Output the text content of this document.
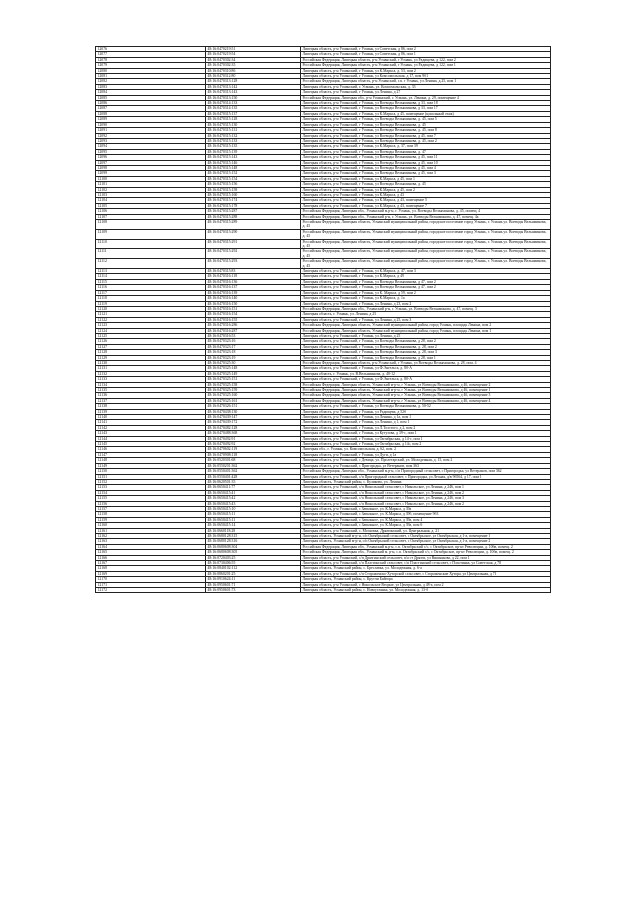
12076	48:16:0470219:51	Липецкая область, р-н Усманский, г Усмань, ул Советская, д 86, пом 2
12077	48:16:0470219:54	Липецкая область, р-н Усманский, г Усмань, ул Советская, д 86, пом 1
12078	48:16:0470302:34	Российская Федерация, Липецкая область, р-н Усманский, г Усмань, ул Радищева, д 122, пом 2
12079	48:16:0470302:35	Российская Федерация, Липецкая область, р-н Усманский, г Усмань, ул Радищева, д 122, пом 1
12080	48:16:0470310:86	Липецкая область, р-н Усманский, г Усмань, ул К.Маркса, д. 53, пом 2
12081	48:16:0470312:80	Липецкая область, р-н Усманский, г Усмань, ул Комсомольская, д 17, пом 9б1
12082	48:16:0470313:128	Российская Федерация, Липецкая область, р-н Усманский, г.п. г Усмань, ул Ленина, д.25, пом 1
12083	48:16:0470313:142	Липецкая область, р-н Усманский, г. Усмань, ул. Комсомольская, д. 33
12084	48:16:0470313:143	Липецкая область, р-н Усманский, г Усмань, ул Ленина, д 27
12085	48:16:0470313:150	Российская Федерация, Липецкая обл., р-н Усманский, г. Усмань, ул. Ленина, д. 29, помещение 4
12086	48:16:0470314:133	Липецкая область, р-н Усманский, г Усмань, ул Воеводы Вельяминова, д 33, пом 18
12087	48:16:0470314:135	Липецкая область, р-н Усманский, г Усмань, ул Воеводы Вельяминова, д 33, пом 17
12088	48:16:0470315:137	Липецкая область, р-н Усманский, г Усмань, ул К.Маркса, д 45, помещение (цокольный этаж)
12089	48:16:0470315:128	Липецкая область, р-н Усманский, г Усмань, ул Воеводы Вельяминова, д. 45, пом 5
12090	48:16:0470315:130	Липецкая область, р-н Усманский, г Усмань, ул Воеводы Вельяминова, д. 45
12091	48:16:0470315:131	Липецкая область, р-н Усманский, г Усмань, ул Воеводы Вельяминова, д. 45, пом 8
12092	48:16:0470315:132	Липецкая область, р-н Усманский, г Усмань, ул Воеводы Вельяминова, д 45, пом 7
12093	48:16:0470315:133	Липецкая область, р-н Усманский, г Усмань, ул Воеводы Вельяминова, д. 45, пом 2
12094	48:16:0470315:135	Липецкая область, р-н Усманский, г Усмань, ул К.Маркса, д. 37, пом 39
12095	48:16:0470315:139	Липецкая область, р-н Усманский, г Усмань, ул Воеводы Вельяминова, д. 47
12096	48:16:0470315:143	Липецкая область, р-н Усманский, г Усмань, ул Воеводы Вельяминова, д 45, пом 11
12097	48:16:0470315:146	Липецкая область, р-н Усманский, г Усмань, ул Воеводы Вельяминова, д 45, пом 10
12098	48:16:0470315:148	Липецкая область, р-н Усманский, г Усмань, ул Воеводы Вельяминова, д 45, пом 4
12099	48:16:0470315:152	Липецкая область, р-н Усманский, г Усмань, ул Воеводы Вельяминова, д 45, пом 3
12100	48:16:0470315:154	Липецкая область, р-н Усманский, г Усмань, ул К.Маркса, д 45, пом 1
12101	48:16:0470315:156	Липецкая область, р-н Усманский, г Усмань, ул Воеводы Вельяминова, д. 45
12102	48:16:0470315:158	Липецкая область, р-н Усманский, г Усмань, ул К.Маркса, д 45, пом 2
12103	48:16:0470315:160	Липецкая область, р-н Усманский, г Усмань, ул К.Маркса, д 43
12104	48:16:0470315:174	Липецкая область, р-н Усманский, г Усмань, ул К.Маркса, д 43, помещение 5
12105	48:16:0470315:178	Липецкая область, р-н Усманский, г Усмань, ул К.Маркса, д 43, помещение 7
12106	48:16:0470315:287	Российская Федерация, Липецкая обл., Усманский м.р-н, г. Усмань, ул. Воеводы Вельяминова, д. 45, помещ. 4
12107	48:16:0470315:288	Российская Федерация, Липецкая обл., Усманский р-н, г. Усмань, ул. Воеводы Вельяминова, д. 47, помещ. 4а
12108	48:16:0470315:289	Российская Федерация, Липецкая область, Усманский муниципальный район, городское поселение город Усмань, г. Усмань ул. Воеводы Вельяминова, д. 45
12109	48:16:0470315:290	Российская Федерация, Липецкая область, Усманский муниципальный район, городское поселение город Усмань, г. Усмань ул. Воеводы Вельяминова, д. 45
12110	48:16:0470315:291	Российская Федерация, Липецкая область, Усманский муниципальный район, городское поселение город Усмань, г. Усмань ул. Воеводы Вельяминова, д. 45
12111	48:16:0470315:292	Российская Федерация, Липецкая область, Усманский муниципальный район, городское поселение город Усмань, г. Усмань ул. Воеводы Вельяминова, д. 45
12112	48:16:0470315:293	Российская Федерация, Липецкая область, Усманский муниципальный район, городское поселение город Усмань, г. Усмань ул. Воеводы Вельяминова, д. 45
12113	48:16:0470315:83	Липецкая область, р-н Усманский, г Усмань, ул К.Маркса, д. 47, пом 3
12114	48:16:0470316:118	Липецкая область, р-н Усманский, г Усмань, ул К.Маркса, д 49
12115	48:16:0470316:136	Липецкая область, р-н Усманский, г Усмань, ул Воеводы Вельяминова, д 47, пом 2
12116	48:16:0470316:137	Липецкая область, р-н Усманский, г Усмань, ул Воеводы Вельяминова, д 47, пом 2
12117	48:16:0470316:139	Липецкая область, р-н Усманский, г Усмань, ул К. Маркса, д 59, пом 2
12118	48:16:0470316:140	Липецкая область, р-н Усманский, г Усмань, ул К.Маркса, д. 1а
12119	48:16:0470316:150	Липецкая область, р-н Усманский, г Усмань, ул Ленина, д 23, пом 2
12120	48:16:0470316:151	Российская Федерация, Липецкая обл., Усманский р-н, г. Усмань, ул. Воеводы Вельяминова, д. 47, помещ. 3
12121	48:16:0470316:154	Липецкая область, г. Усмань, ул. Ленина, д 25
12122	48:16:0470316:155	Липецкая область, р-н Усманский, г Усмань, ул Ленина, д 25, пом 3
12123	48:16:0470316:286	Российская Федерация, Липецкая область, Усманский муниципальный район, город Усмань, площадь Ленина, пом 2
12124	48:16:0470316:287	Российская Федерация, Липецкая область, Усманский муниципальный район, город Усмань, площадь Ленина, пом 1
12125	48:16:0470316:53	Липецкая область, р-н Усманский, г Усмань, ул Ленина, д 25
12126	48:16:0470323:16	Липецкая область, р-н Усманский, г Усмань, ул Воеводы Вельяминова, д 28, пом 2
12127	48:16:0470323:17	Липецкая область, р-н Усманский, г Усмань, ул Воеводы Вельяминова, д. 28, пом 2
12128	48:16:0470323:18	Липецкая область, р-н Усманский, г Усмань, ул Воеводы Вельяминова, д. 28, пом 3
12129	48:16:0470323:19	Липецкая область, р-н Усманский, г Усмань, ул Воеводы Вельяминова, д 28, пом 1
12130	48:16:0470325:30	Российская Федерация, Липецкая область, р-н Усманский, г Усмань, ул Воеводы Вельяминова, д. 28, пом. 4
12131	48:16:0470325:148	Липецкая область, р-н Усманский, г Усмань, ул Ф.Энгельса, д. 80-А
12132	48:16:0470325:149	Липецкая область, г. Усмань, ул. В.Вельяминова, д. 40-12
12133	48:16:0470325:151	Липецкая область, р-н Усманский, г Усмань, ул Ф.Энгельса, д. 80-А
12134	48:16:0470325:158	Российская Федерация, Липецкая область, Усманский м-р-н, г Усмань, ул Воеводы Вельяминова, д 46, помещение 2
12135	48:16:0470325:159	Российская Федерация, Липецкая область, Усманский м-р-н, г Усмань, ул Воеводы Вельяминова, д 46, помещение 1
12136	48:16:0470325:160	Российская Федерация, Липецкая область, Усманский м-р-н, г Усмань, ул Воеводы Вельяминова, д 46, помещение 3
12137	48:16:0470325:161	Российская Федерация, Липецкая область, Усманский м-р-н, г Усмань, ул Воеводы Вельяминова, д 46, помещение 4
12138	48:16:0470326:151	Липецкая область, р-н Усманский, г Усмань, ул Воеводы Вельяминова, д. 50-52
12139	48:16:0470438:130	Липецкая область, р-н Усманский, г Усмань, ул Радищева, д 52б
12140	48:16:0470439:147	Липецкая область, р-н Усманский, г Усмань, ул Ленина, д 1а, пом 1
12141	48:16:0470439:172	Липецкая область, р-н Усманский, г Усмань, ул Ленина, д 1, пом 1
12142	48:16:0470482:128	Липецкая область, р-н Усманский, г Усмань, ул Л.Толстого, д 2, пом 2
12143	48:16:0470488:368	Липецкая область, р-н Усманский, г Усмань, ул Кутузова, д 39-с, пом 1
12144	48:16:0470492:91	Липецкая область, р-н Усманский, г Усмань, ул Октябрьская, д 14-с, пом 1
12145	48:16:0470492:92	Липецкая область, р-н Усманский, г Усмань, ул Октябрьская, д 14с, пом 2
12146	48:16:0470602:119	Липецкая обл., г. Усмань, ул. Комсомольская, д. 62, пом. 2
12147	48:16:0470908:118	Липецкая область, р-н Усманский, г Усмань, ул Дуги, д 1а
12148	48:16:0520301:68	Липецкая область, р-н Усманский, с Девица, ул. Пролетарский, ул. Молодежная, д. 15, пом 2
12149	48:16:0550201:362	Липецкая область, р-н Усманский, с Пригородка, ул Ветеранов, пом 363
12150	48:16:0550401:362	Российская Федерация, Липецкая обл., Усманский м.р-н, с/п Пригородный сельсовет, с Пригородка, ул Ветеранов, пом 362
12151	48:16:0550401:428	Липецкая область, р-н Усманский, с/п Пригородный сельсовет, с Пригородка, ул Лесная, д/в 9б564, д 17, пом 1
12152	48:16:0620501:35	Липецкая область, Усманский район, с. Куликово, ул. Ленина
12153	48:16:0650411:77	Липецкая область, р-н Усманский, с/п Никольский сельсовет, с Никольское, ул Ленина, д 246, пом 1
12154	48:16:0650415:41	Липецкая область, р-н Усманский, с/п Никольский сельсовет, с Никольское, ул Ленина, д 246, пом 2
12155	48:16:0650415:42	Липецкая область, р-н Усманский, с/п Никольский сельсовет, с Никольское, ул Ленина, д 246, пом 3
12156	48:16:0650415:43	Липецкая область, р-н Усманский, с/п Никольский сельсовет, с Никольское, ул Ленина, д 246, пом 2
12157	48:16:0650415:10	Липецкая область, р-н Усманский, с Завальное, ул. К.Маркса, д 39а
12158	48:16:0650415:11	Липецкая область, р-н Усманский, с Завальное, ул. К.Маркса, д 39б, помещение 9б3
12159	48:16:0650415:11	Липецкая область, р-н Усманский, с Завальное, ул. К.Маркса, д 39а, пом 4
12160	48:16:0650415:14	Липецкая область, р-н Усманский, с Завальное, ул. К.Маркса, д 39а, пом 6
12161	48:16:0660118:28	Липецкая область, р-н Усманский, с. Московка, Дрязгинский, ул. Центральная, д. 21
12162	48:16:0680128:315	Липецкая область, Усманский м-р-н, с/п Октябрьский сельсовет, с Октябрьское, ул Октябрьская, д 1-а, помещение 1
12163	48:16:0680128:316	Липецкая область, Усманский м-р-н, с/п Октябрьский сельсовет, с Октябрьское, ул Октябрьская, д 1-а, помещение 2
12164	48:16:0680608:304	Российская Федерация, Липецкая обл., Усманский м.р-н, с.п. Октябрьский с/с, с Октябрьское, пр-кт Революции, д. 10бв, помещ. 2
12165	48:16:0680608:305	Российская Федерация, Липецкая обл., Усманский м. р-н, с.п. Октябрьский с/с, с Октябрьское, пр-кт Революции, д. 10бв, помещ. 2
12166	48:16:0720403:25	Липецкая область, р-н Усманский, с/п Дрязгинский сельсовет, п/а ст Дрязги, ул Вишнякова, д 22, пом 1
12167	48:16:0730406:55	Липецкая область, р-н Усманский, с/п Пластинский сельсовет, с/п Пластинский сельсовет, с Пластинка, ул Советская, д 78
12168	48:16:0840102:112	Липецкая область, Усманский район, с. Бреславка, ул. Молодежная, д. 6-а
12169	48:16:0860201:25	Липецкая область, р-н Усманский, с/п Стороженско-Хуторской сельсовет, с Стороженские Хутора, ул Центральная, д 71
12170	48:16:0910624:11	Липецкая область, Усманский район, с. Крутчи Байгора
12171	48:16:0950601:71	Липецкая область, р-н Усманский, с Никольское Вторые, ул Центральная, д 48-а, пом 2
12172	48:16:0950601:73	Липецкая область, Усманский район, с. Новоуглянка, ул. Молодежная, д. 13-б
